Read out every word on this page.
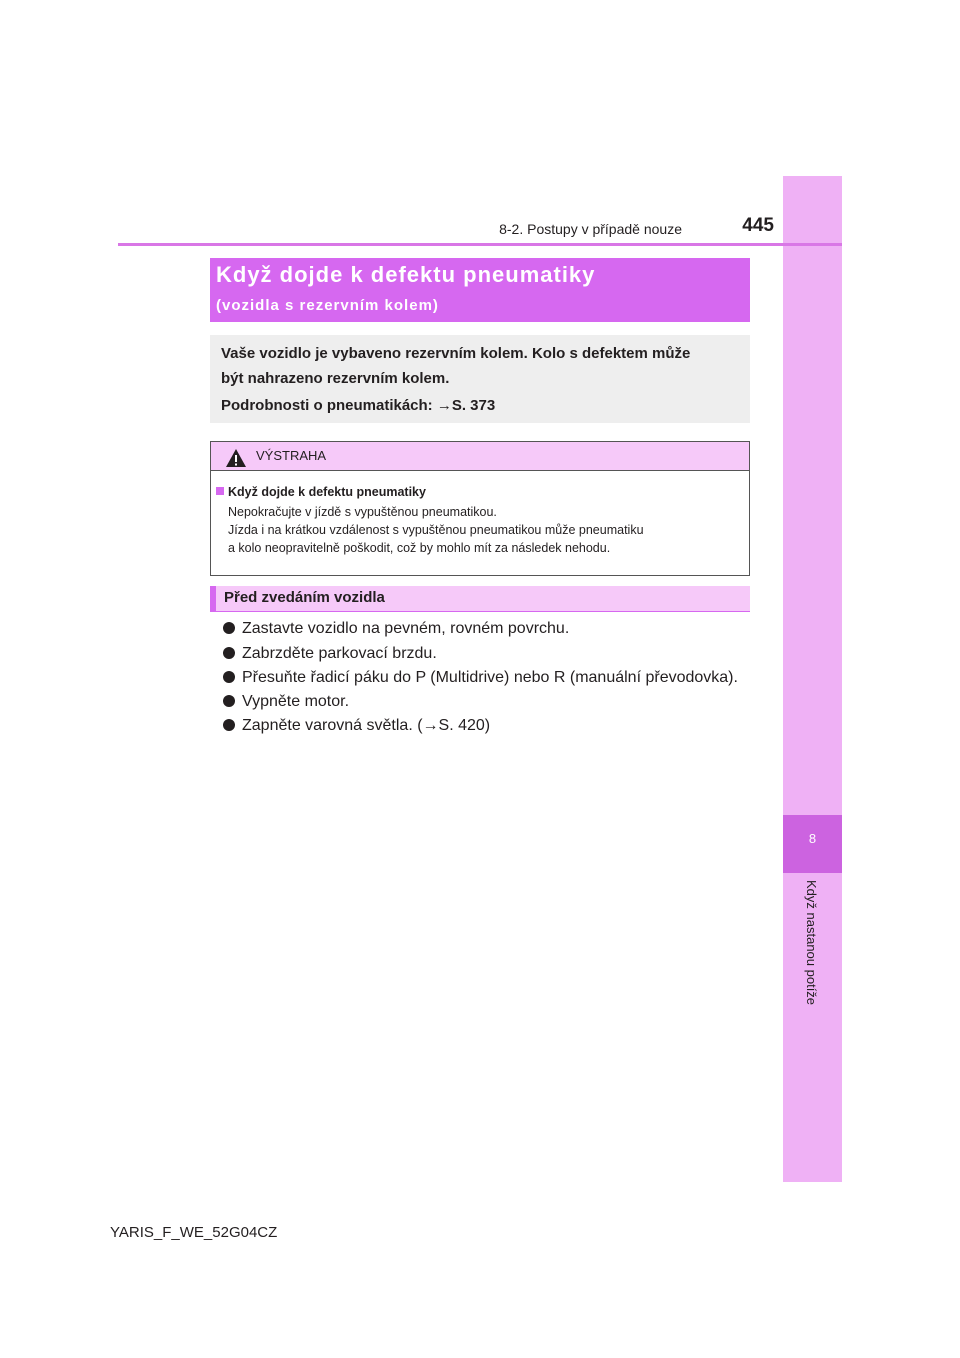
8
Když nastanou potíže
8-2. Postupy v případě nouze	445
Když dojde k defektu pneumatiky
(vozidla s rezervním kolem)
Vaše vozidlo je vybaveno rezervním kolem. Kolo s defektem může
být nahrazeno rezervním kolem.
Podrobnosti o pneumatikách: →S. 373
VÝSTRAHA
Když dojde k defektu pneumatiky
Nepokračujte v jízdě s vypuštěnou pneumatikou.
Jízda i na krátkou vzdálenost s vypuštěnou pneumatikou může pneumatiku
a kolo neopravitelně poškodit, což by mohlo mít za následek nehodu.
Před zvedáním vozidla
Zastavte vozidlo na pevném, rovném povrchu.
Zabrzděte parkovací brzdu.
Přesuňte řadicí páku do P (Multidrive) nebo R (manuální převodovka).
Vypněte motor.
Zapněte varovná světla. (→S. 420)
YARIS_F_WE_52G04CZ
